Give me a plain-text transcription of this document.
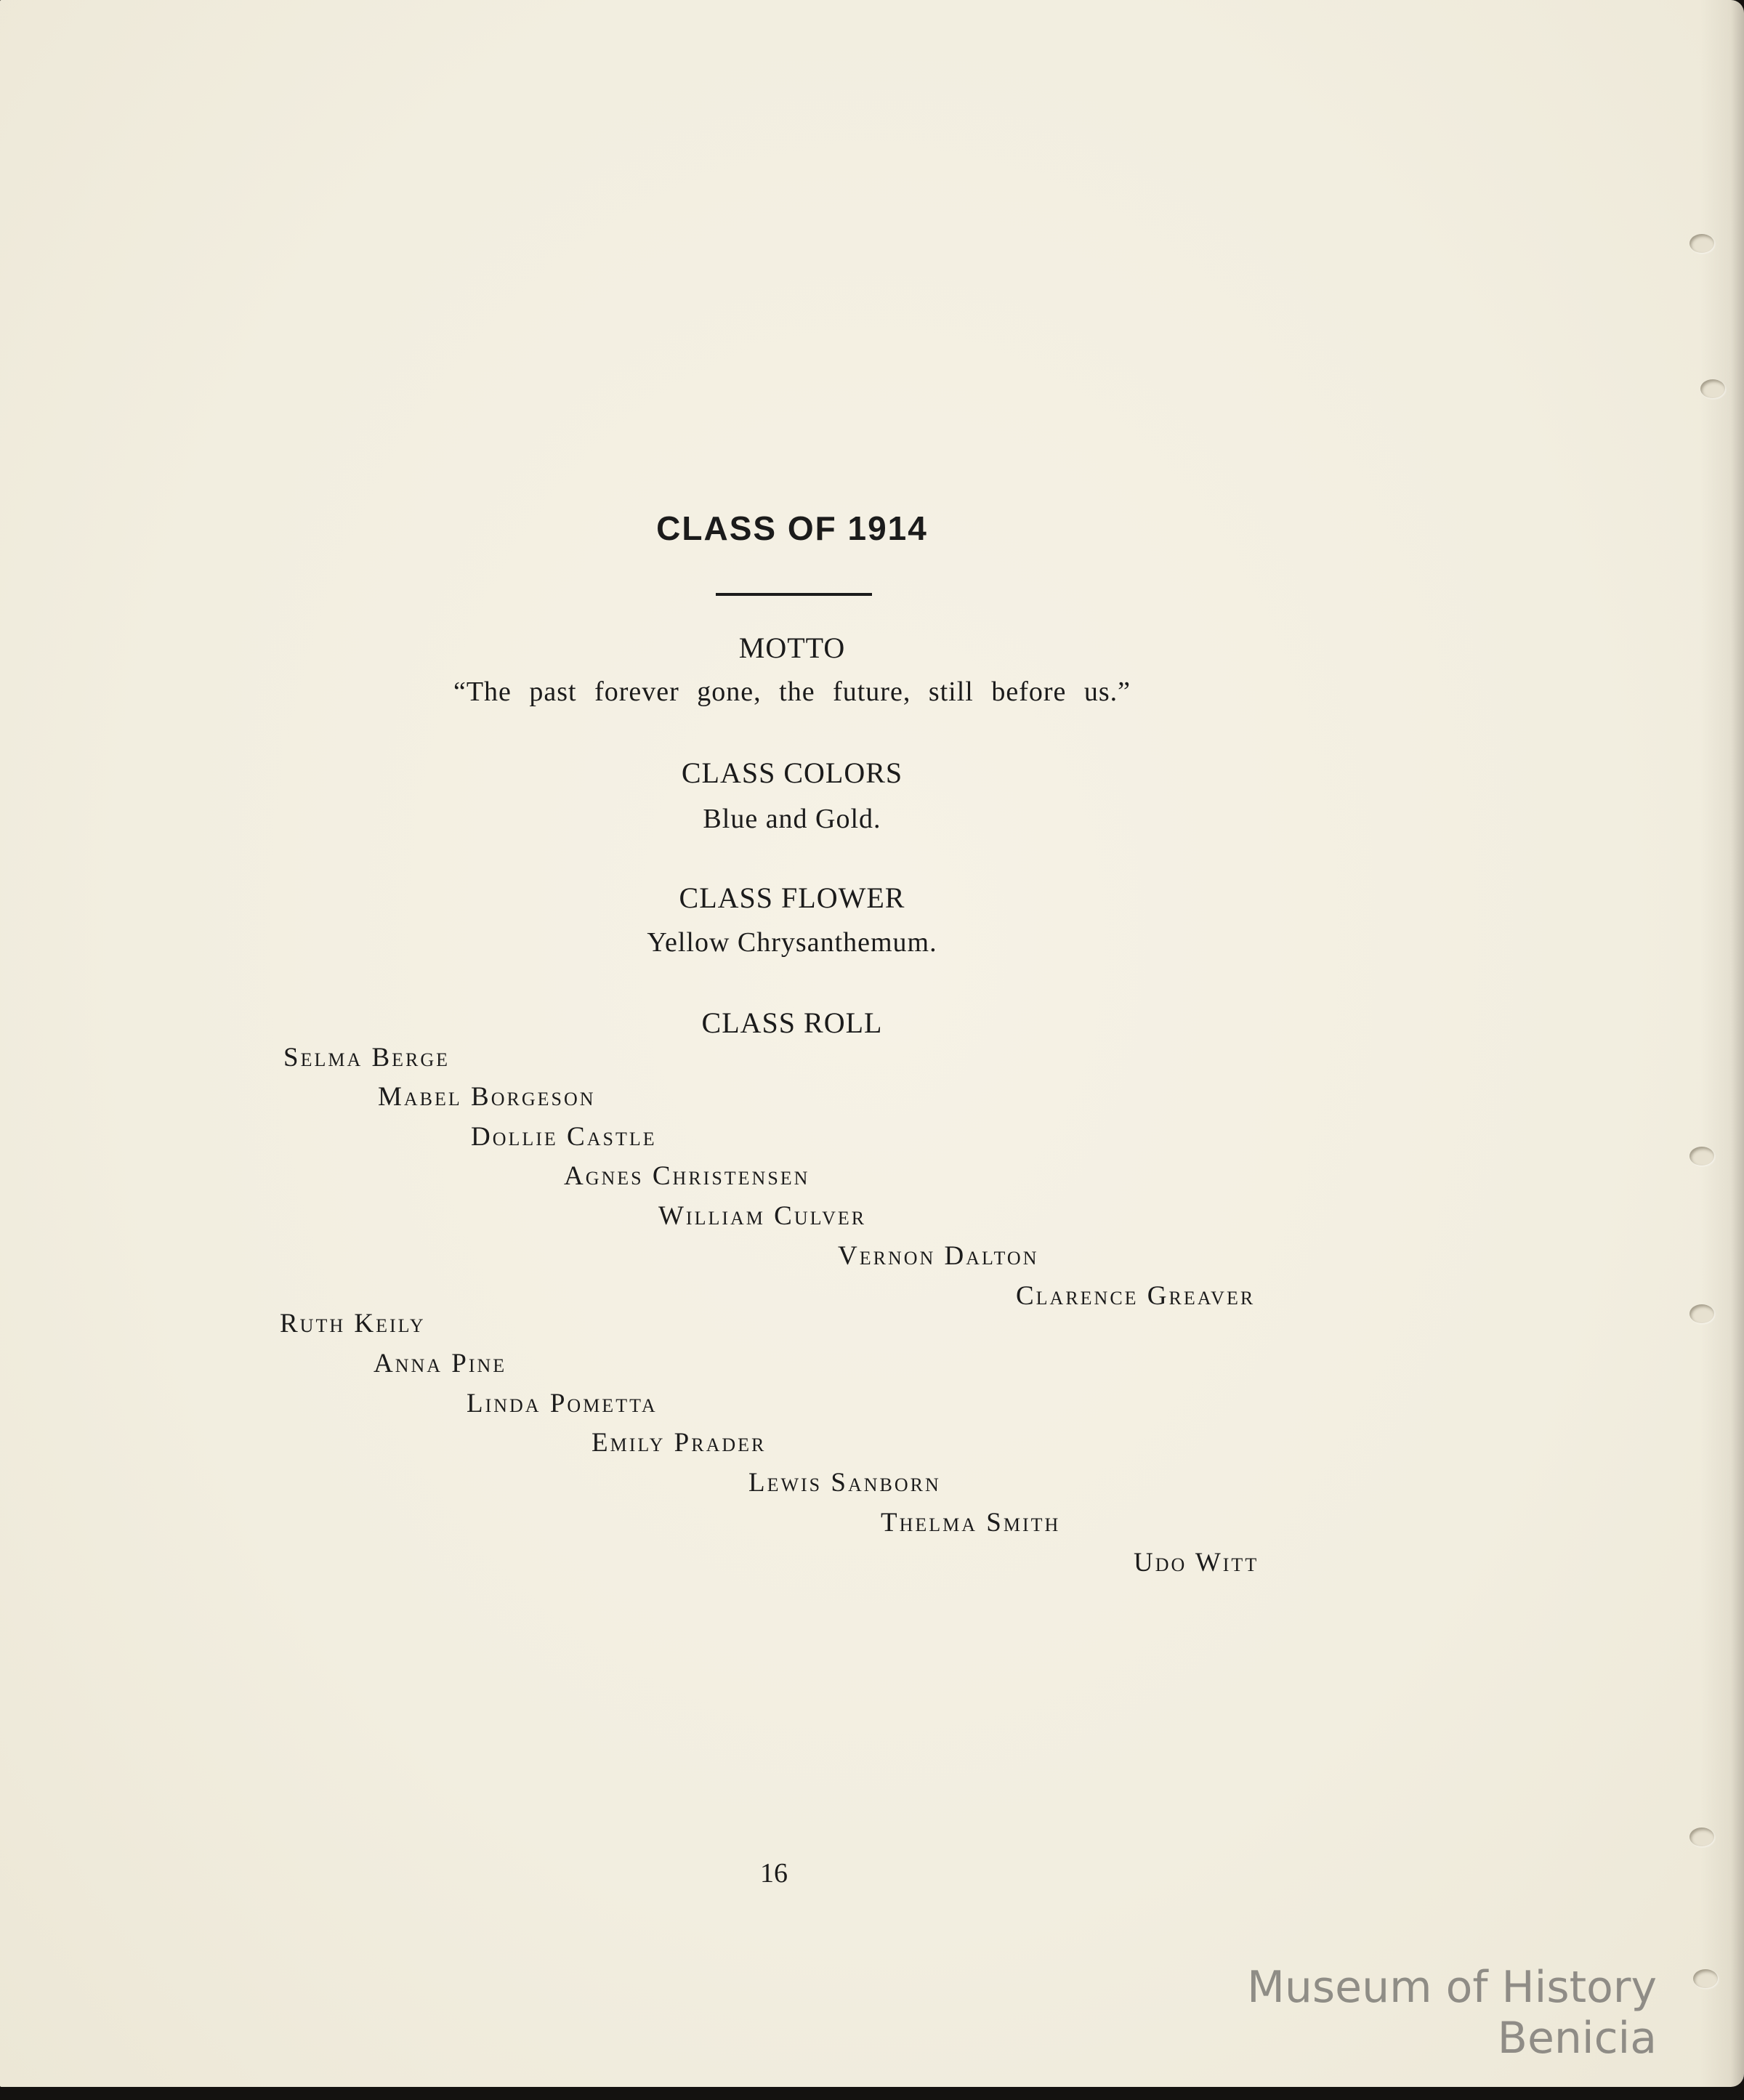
CLASS OF 1914
MOTTO
“The past forever gone, the future, still before us.”
CLASS COLORS
Blue and Gold.
CLASS FLOWER
Yellow Chrysanthemum.
CLASS ROLL
Selma Berge
Mabel Borgeson
Dollie Castle
Agnes Christensen
William Culver
Vernon Dalton
Clarence Greaver
Ruth Keily
Anna Pine
Linda Pometta
Emily Prader
Lewis Sanborn
Thelma Smith
Udo Witt
16
Museum of History Benicia
